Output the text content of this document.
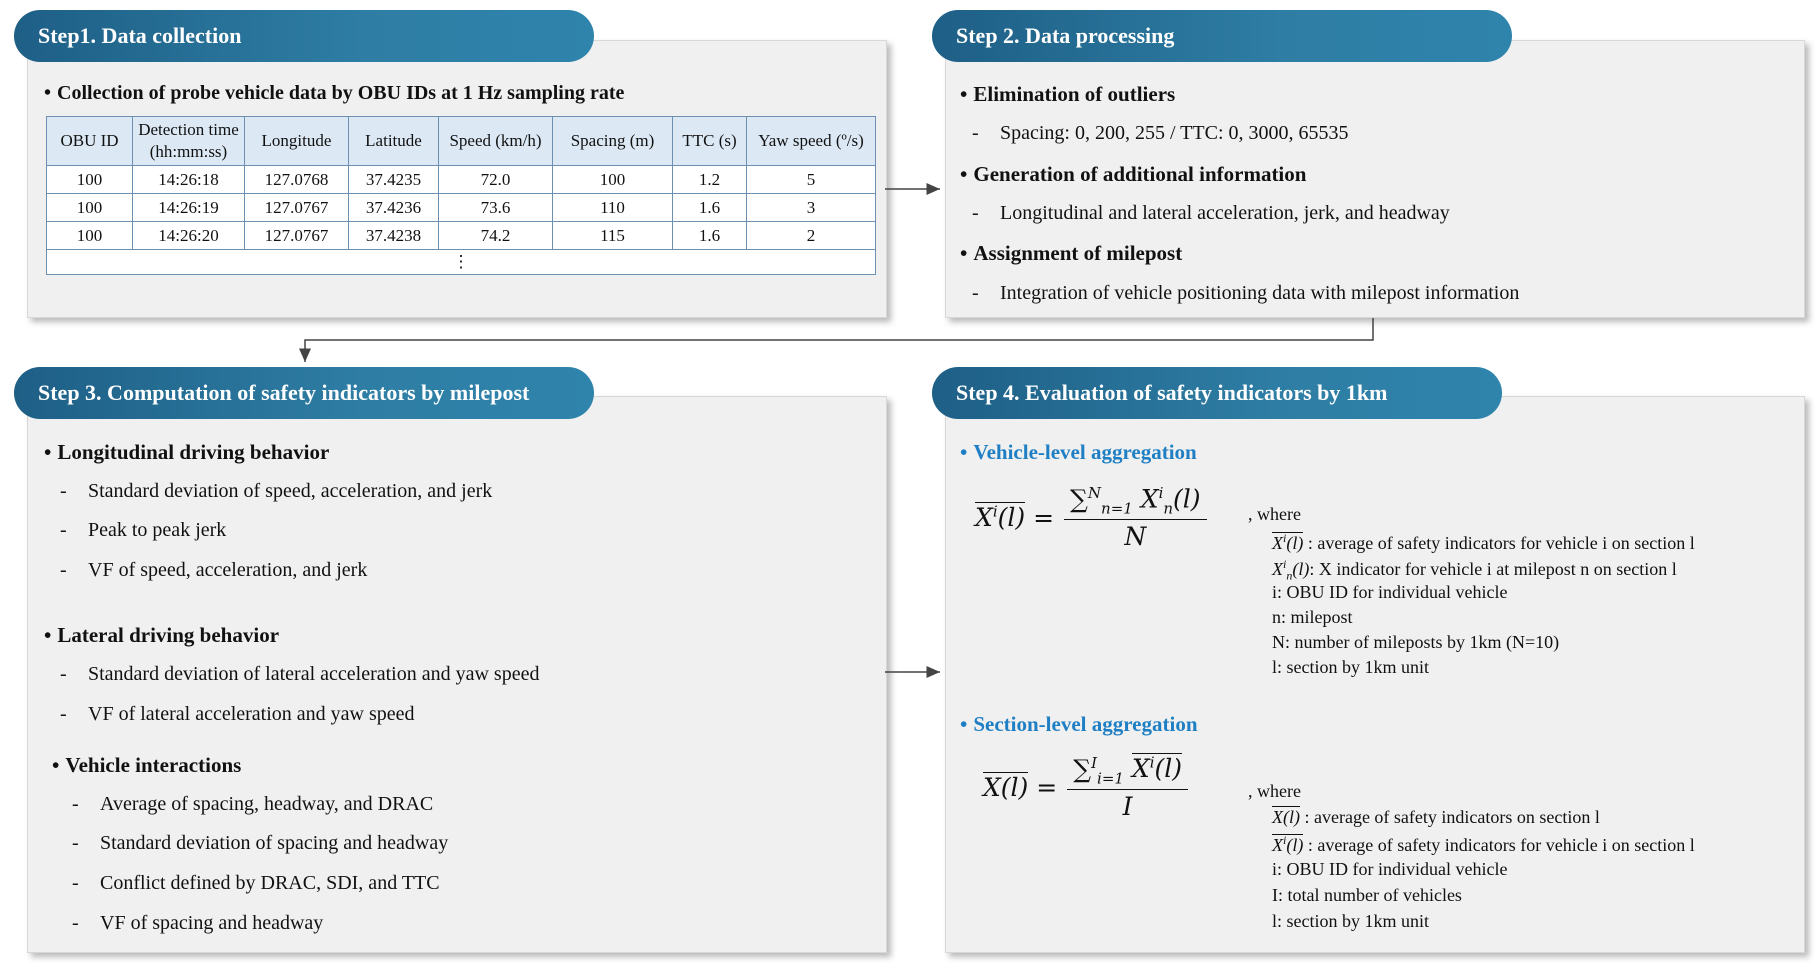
Step1. Data collection
• Collection of probe vehicle data by OBU IDs at 1 Hz sampling rate
OBU ID	Detection time (hh:mm:ss)	Longitude	Latitude	Speed (km/h)	Spacing (m)	TTC (s)	Yaw speed (º/s)
100	14:26:18	127.0768	37.4235	72.0	100	1.2	5
100	14:26:19	127.0767	37.4236	73.6	110	1.6	3
100	14:26:20	127.0767	37.4238	74.2	115	1.6	2
⋮							
Step 2. Data processing
• Elimination of outliers
- Spacing: 0, 200, 255 / TTC: 0, 3000, 65535
• Generation of additional information
- Longitudinal and lateral acceleration, jerk, and headway
• Assignment of milepost
- Integration of vehicle positioning data with milepost information
Step 3. Computation of safety indicators by milepost
• Longitudinal driving behavior
- Standard deviation of speed, acceleration, and jerk
- Peak to peak jerk
- VF of speed, acceleration, and jerk
• Lateral driving behavior
- Standard deviation of lateral acceleration and yaw speed
- VF of lateral acceleration and yaw speed
• Vehicle interactions
- Average of spacing, headway, and DRAC
- Standard deviation of spacing and headway
- Conflict defined by DRAC, SDI, and TTC
- VF of spacing and headway
Step 4. Evaluation of safety indicators by 1km
• Vehicle-level aggregation
$X^i(l) = \frac{\sum^N_{n=1} X^i_n(l)}{N}$ , where
$X^i(l)$ : average of safety indicators for vehicle i on section l
$X^i_n(l)$: X indicator for vehicle i at milepost n on section l
i: OBU ID for individual vehicle
n: milepost
N: number of mileposts by 1km (N=10)
l: section by 1km unit
• Section-level aggregation
$X(l) = \frac{\sum^I_{i=1} X^i(l)}{I}$	, where
X(l) : average of safety indicators on section l
$X^i(l)$ : average of safety indicators for vehicle i on section l
i: OBU ID for individual vehicle
I: total number of vehicles
l: section by 1km unit
